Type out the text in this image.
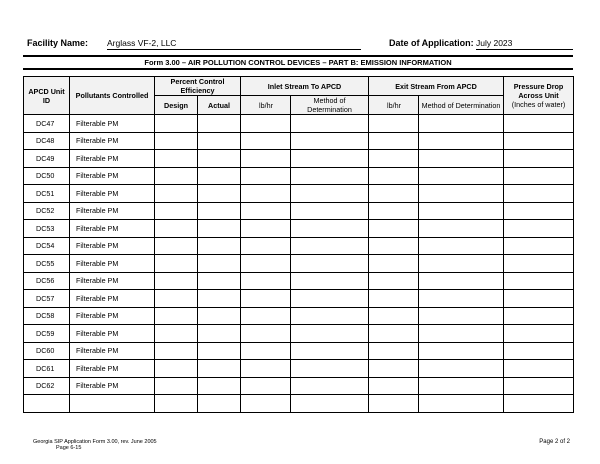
Facility Name: Arglass VF-2, LLC	Date of Application: July 2023
Form 3.00 – AIR POLLUTION CONTROL DEVICES – PART B: EMISSION INFORMATION
APCD Unit ID	Pollutants Controlled	Percent Control Efficiency		Inlet Stream To APCD		Exit Stream From APCD		Pressure Drop Across Unit
(Inches of water)
		Design	Actual	lb/hr	Method of Determination	lb/hr	Method of Determination	
DC47	Filterable PM							
DC48	Filterable PM							
DC49	Filterable PM							
DC50	Filterable PM							
DC51	Filterable PM							
DC52	Filterable PM							
DC53	Filterable PM							
DC54	Filterable PM							
DC55	Filterable PM							
DC56	Filterable PM							
DC57	Filterable PM							
DC58	Filterable PM							
DC59	Filterable PM							
DC60	Filterable PM							
DC61	Filterable PM							
DC62	Filterable PM							

Georgia SIP Application Form 3.00, rev. June 2005
Page 6-15
Page 2 of 2
